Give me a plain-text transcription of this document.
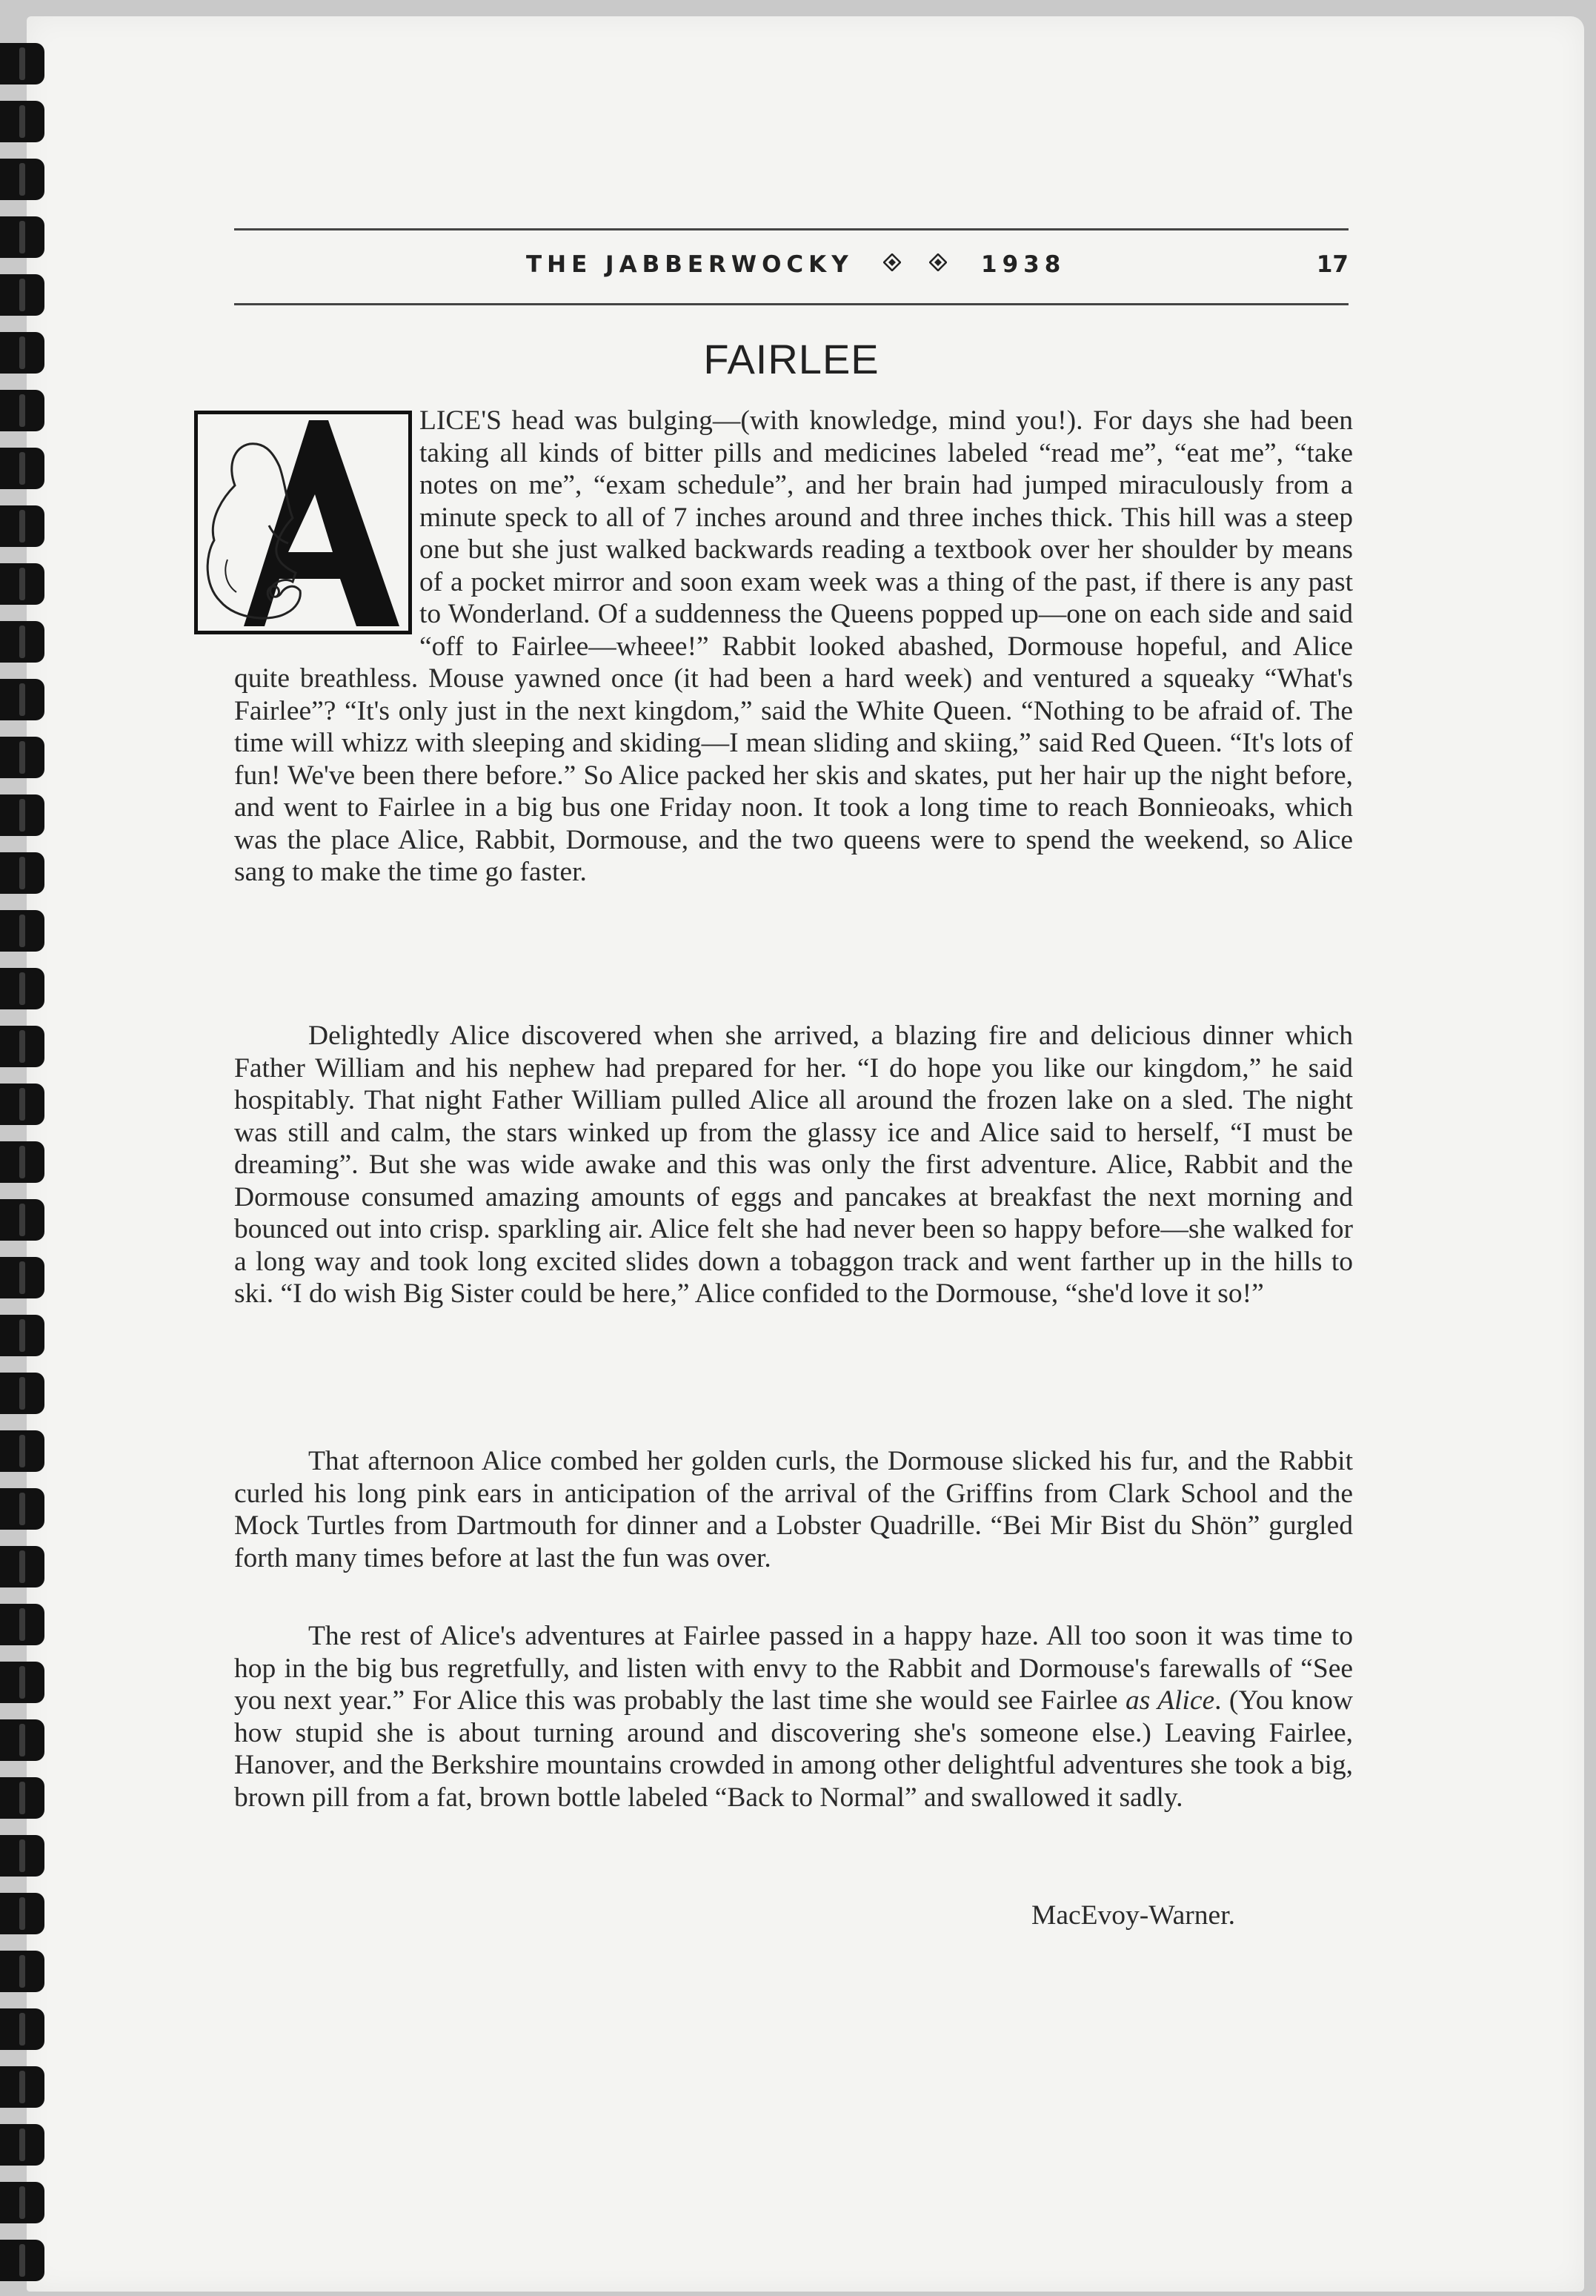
THE JABBERWOCKY	1938	17
FAIRLEE

LICE'S head was bulging—(with knowledge, mind you!). For days she had been taking all kinds of bitter pills and medicines labeled “read me”, “eat me”, “take notes on me”, “exam schedule”, and her brain had jumped miraculously from a minute speck to all of 7 inches around and three inches thick. This hill was a steep one but she just walked backwards reading a textbook over her shoulder by means of a pocket mirror and soon exam week was a thing of the past, if there is any past to Wonderland. Of a suddenness the Queens popped up—one on each side and said “off to Fairlee—wheee!” Rabbit looked abashed, Dormouse hopeful, and Alice quite breathless. Mouse yawned once (it had been a hard week) and ventured a squeaky “What's Fairlee”? “It's only just in the next kingdom,” said the White Queen. “Nothing to be afraid of. The time will whizz with sleeping and skiding—I mean sliding and skiing,” said Red Queen. “It's lots of fun! We've been there before.” So Alice packed her skis and skates, put her hair up the night before, and went to Fairlee in a big bus one Friday noon. It took a long time to reach Bonnieoaks, which was the place Alice, Rabbit, Dormouse, and the two queens were to spend the weekend, so Alice sang to make the time go faster.

Delightedly Alice discovered when she arrived, a blazing fire and delicious dinner which Father William and his nephew had prepared for her. “I do hope you like our kingdom,” he said hospitably. That night Father William pulled Alice all around the frozen lake on a sled. The night was still and calm, the stars winked up from the glassy ice and Alice said to herself, “I must be dreaming”. But she was wide awake and this was only the first adventure. Alice, Rabbit and the Dormouse consumed amazing amounts of eggs and pancakes at breakfast the next morning and bounced out into crisp. sparkling air. Alice felt she had never been so happy before—she walked for a long way and took long excited slides down a tobaggon track and went farther up in the hills to ski. “I do wish Big Sister could be here,” Alice confided to the Dormouse, “she'd love it so!”

That afternoon Alice combed her golden curls, the Dormouse slicked his fur, and the Rabbit curled his long pink ears in anticipation of the arrival of the Griffins from Clark School and the Mock Turtles from Dartmouth for dinner and a Lobster Quadrille. “Bei Mir Bist du Shön” gurgled forth many times before at last the fun was over.

The rest of Alice's adventures at Fairlee passed in a happy haze. All too soon it was time to hop in the big bus regretfully, and listen with envy to the Rabbit and Dormouse's farewalls of “See you next year.” For Alice this was probably the last time she would see Fairlee as Alice. (You know how stupid she is about turning around and discovering she's someone else.) Leaving Fairlee, Hanover, and the Berkshire mountains crowded in among other delightful adventures she took a big, brown pill from a fat, brown bottle labeled “Back to Normal” and swallowed it sadly.

MacEvoy-Warner.
